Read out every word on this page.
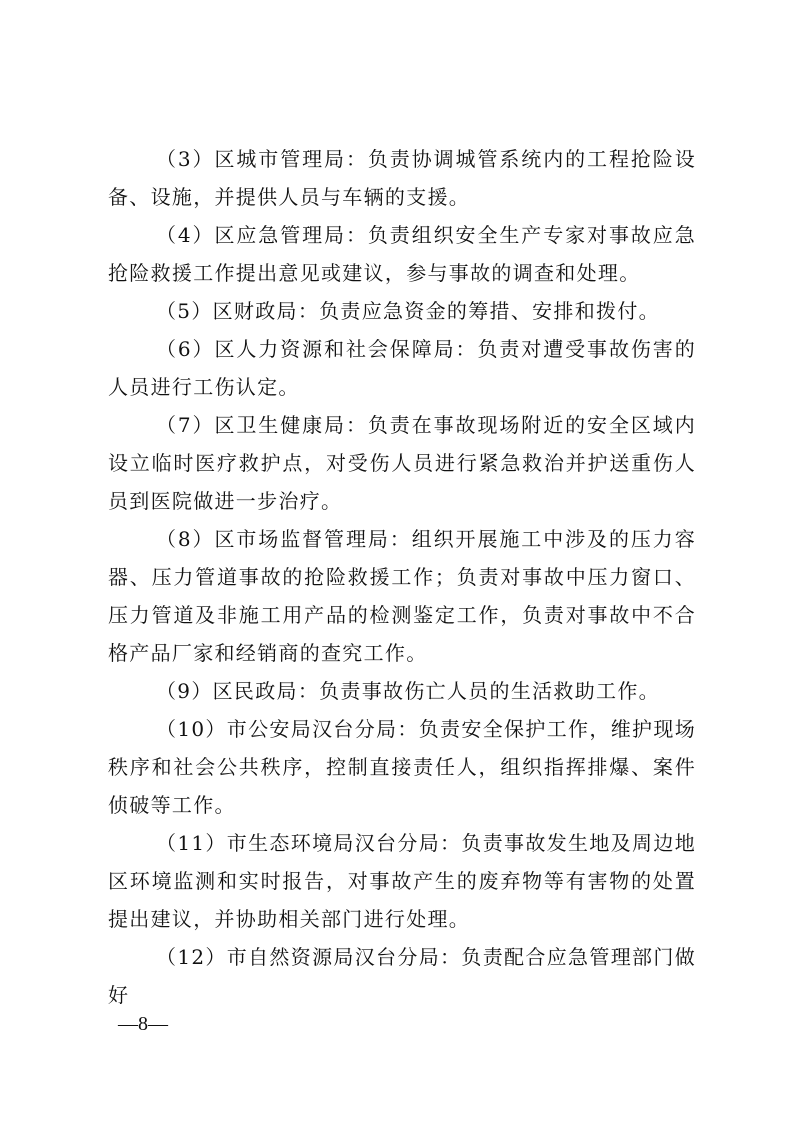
（3）区城市管理局：负责协调城管系统内的工程抢险设备、设施，并提供人员与车辆的支援。

（4）区应急管理局：负责组织安全生产专家对事故应急抢险救援工作提出意见或建议，参与事故的调查和处理。

（5）区财政局：负责应急资金的筹措、安排和拨付。

（6）区人力资源和社会保障局：负责对遭受事故伤害的人员进行工伤认定。

（7）区卫生健康局：负责在事故现场附近的安全区域内设立临时医疗救护点，对受伤人员进行紧急救治并护送重伤人员到医院做进一步治疗。

（8）区市场监督管理局：组织开展施工中涉及的压力容器、压力管道事故的抢险救援工作；负责对事故中压力窗口、压力管道及非施工用产品的检测鉴定工作，负责对事故中不合格产品厂家和经销商的查究工作。

（9）区民政局：负责事故伤亡人员的生活救助工作。

（10）市公安局汉台分局：负责安全保护工作，维护现场秩序和社会公共秩序，控制直接责任人，组织指挥排爆、案件侦破等工作。

（11）市生态环境局汉台分局：负责事故发生地及周边地区环境监测和实时报告，对事故产生的废弃物等有害物的处置提出建议，并协助相关部门进行处理。

（12）市自然资源局汉台分局：负责配合应急管理部门做好

—8—
